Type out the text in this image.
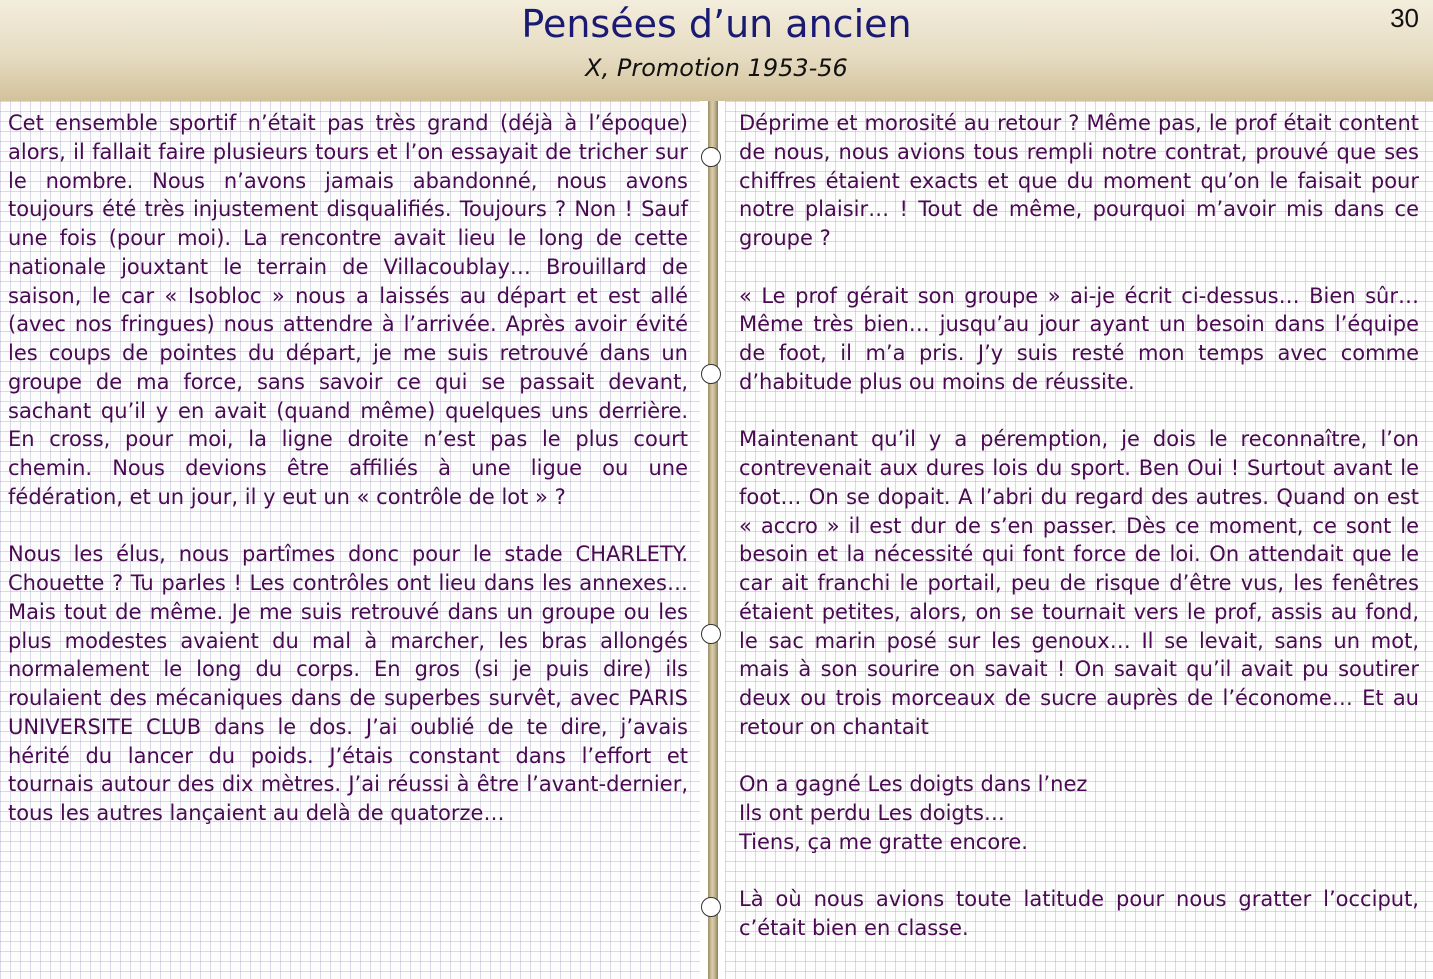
Pensées d’un ancien
X, Promotion 1953-56
30

Cet ensemble sportif n’était pas très grand (déjà à l’époque) alors, il fallait faire plusieurs tours et l’on essayait de tricher sur le nombre. Nous n’avons jamais abandonné, nous avons toujours été très injustement disqualifiés. Toujours ? Non ! Sauf une fois (pour moi). La rencontre avait lieu le long de cette nationale jouxtant le terrain de Villacoublay… Brouillard de saison, le car « Isobloc » nous a laissés au départ et est allé (avec nos fringues) nous attendre à l’arrivée. Après avoir évité les coups de pointes du départ, je me suis retrouvé dans un groupe de ma force, sans savoir ce qui se passait devant, sachant qu’il y en avait (quand même) quelques uns derrière. En cross, pour moi, la ligne droite n’est pas le plus court chemin. Nous devions être affiliés à une ligue ou une fédération, et un jour, il y eut un « contrôle de lot » ?

Nous les élus, nous partîmes donc pour le stade CHARLETY. Chouette ? Tu parles ! Les contrôles ont lieu dans les annexes… Mais tout de même. Je me suis retrouvé dans un groupe ou les plus modestes avaient du mal à marcher, les bras allongés normalement le long du corps. En gros (si je puis dire) ils roulaient des mécaniques dans de superbes survêt, avec PARIS UNIVERSITE CLUB dans le dos. J’ai oublié de te dire, j’avais hérité du lancer du poids. J’étais constant dans l’effort et tournais autour des dix mètres. J’ai réussi à être l’avant-dernier, tous les autres lançaient au delà de quatorze…

Déprime et morosité au retour ? Même pas, le prof était content de nous, nous avions tous rempli notre contrat, prouvé que ses chiffres étaient exacts et que du moment qu’on le faisait pour notre plaisir… ! Tout de même, pourquoi m’avoir mis dans ce groupe ?

« Le prof gérait son groupe » ai-je écrit ci-dessus… Bien sûr… Même très bien… jusqu’au jour ayant un besoin dans l’équipe de foot, il m’a pris. J’y suis resté mon temps avec comme d’habitude plus ou moins de réussite.

Maintenant qu’il y a péremption, je dois le reconnaître, l’on contrevenait aux dures lois du sport. Ben Oui ! Surtout avant le foot… On se dopait. A l’abri du regard des autres. Quand on est « accro » il est dur de s’en passer. Dès ce moment, ce sont le besoin et la nécessité qui font force de loi. On attendait que le car ait franchi le portail, peu de risque d’être vus, les fenêtres étaient petites, alors, on se tournait vers le prof, assis au fond, le sac marin posé sur les genoux… Il se levait, sans un mot, mais à son sourire on savait ! On savait qu’il avait pu soutirer deux ou trois morceaux de sucre auprès de l’économe… Et au retour on chantait

On a gagné Les doigts dans l’nez
Ils ont perdu Les doigts…
Tiens, ça me gratte encore.

Là où nous avions toute latitude pour nous gratter l’occiput, c’était bien en classe.
